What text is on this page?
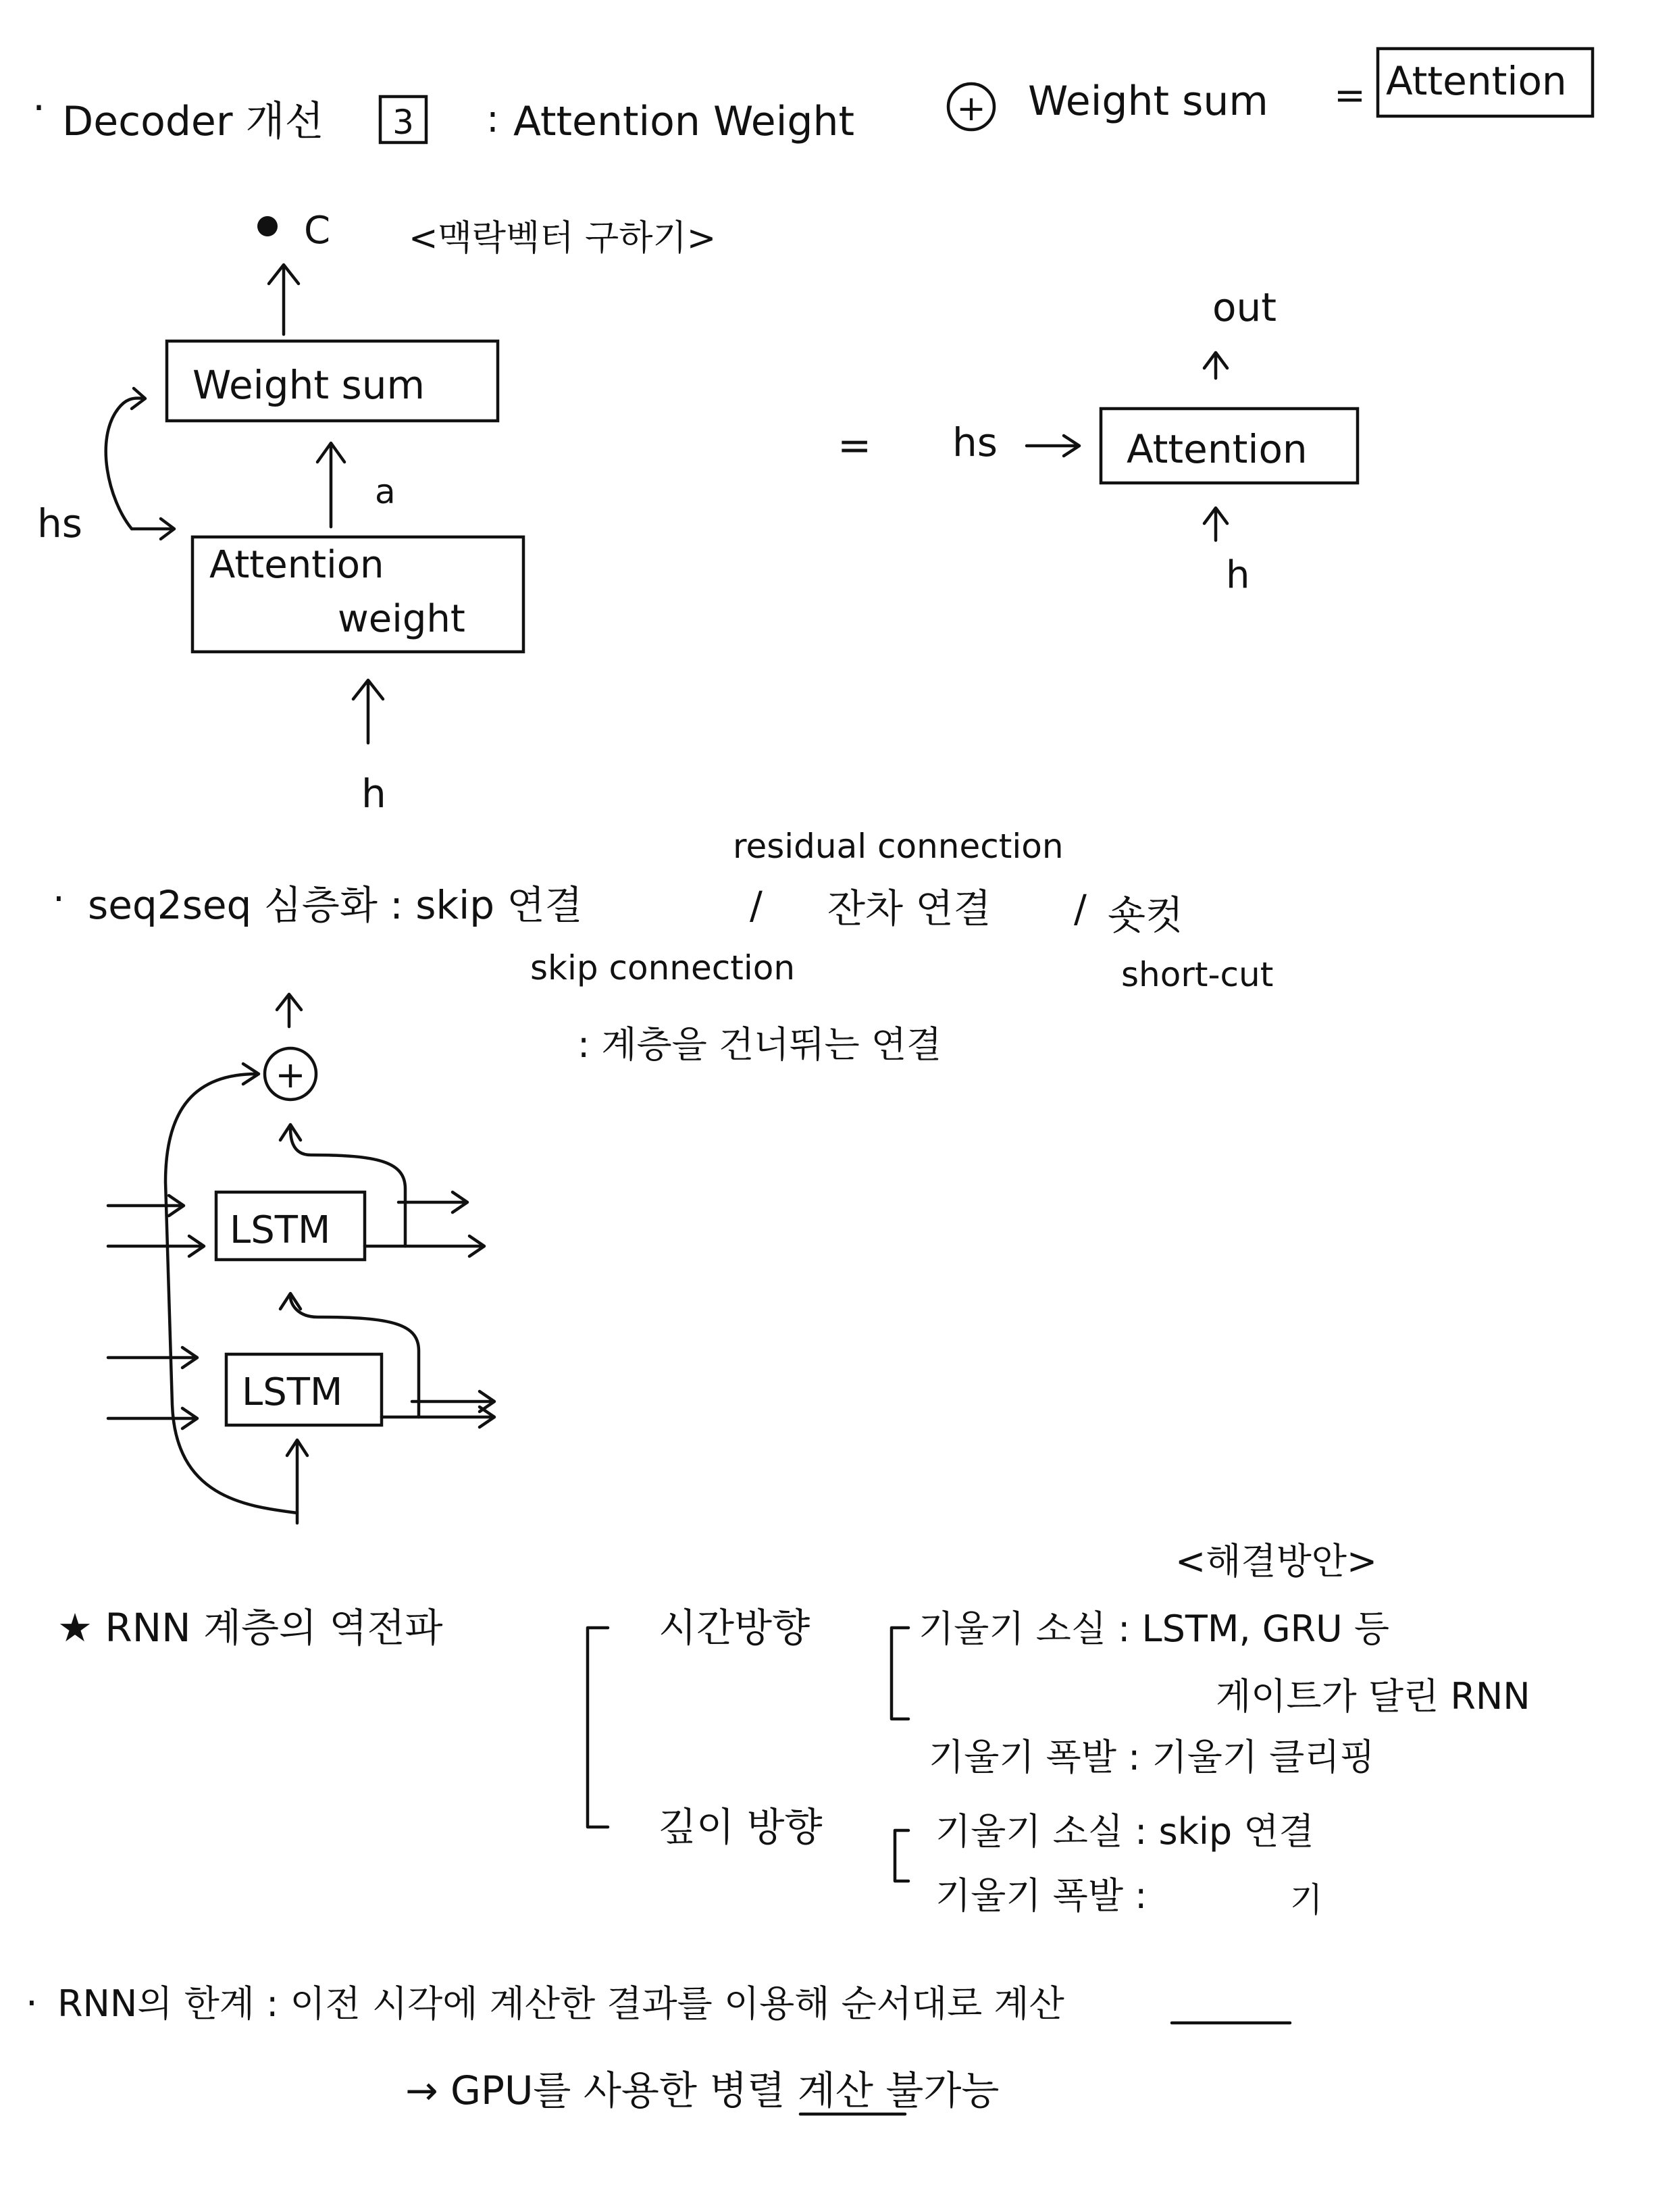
· Decoder 개선 3 : Attention Weight	+ Weight sum = Attention
C <맥락벡터 구하기>
Weight sum
a
hs
Attention
weight
h
out
= hs	Attention
h
residual connection
· seq2seq 심층화 : skip 연결	/ 잔차 연결 / 숏컷
skip connection	short-cut
: 계층을 건너뛰는 연결
+
LSTM
LSTM
<해결방안>
★ RNN 계층의 역전파	시간방향	기울기 소실 : LSTM, GRU 등
게이트가 달린 RNN
기울기 폭발 : 기울기 클리핑
깊이 방향	기울기 소실 : skip 연결
기울기 폭발 :	기
· RNN의 한계 : 이전 시각에 계산한 결과를 이용해 순서대로 계산
→ GPU를 사용한 병렬 계산 불가능
